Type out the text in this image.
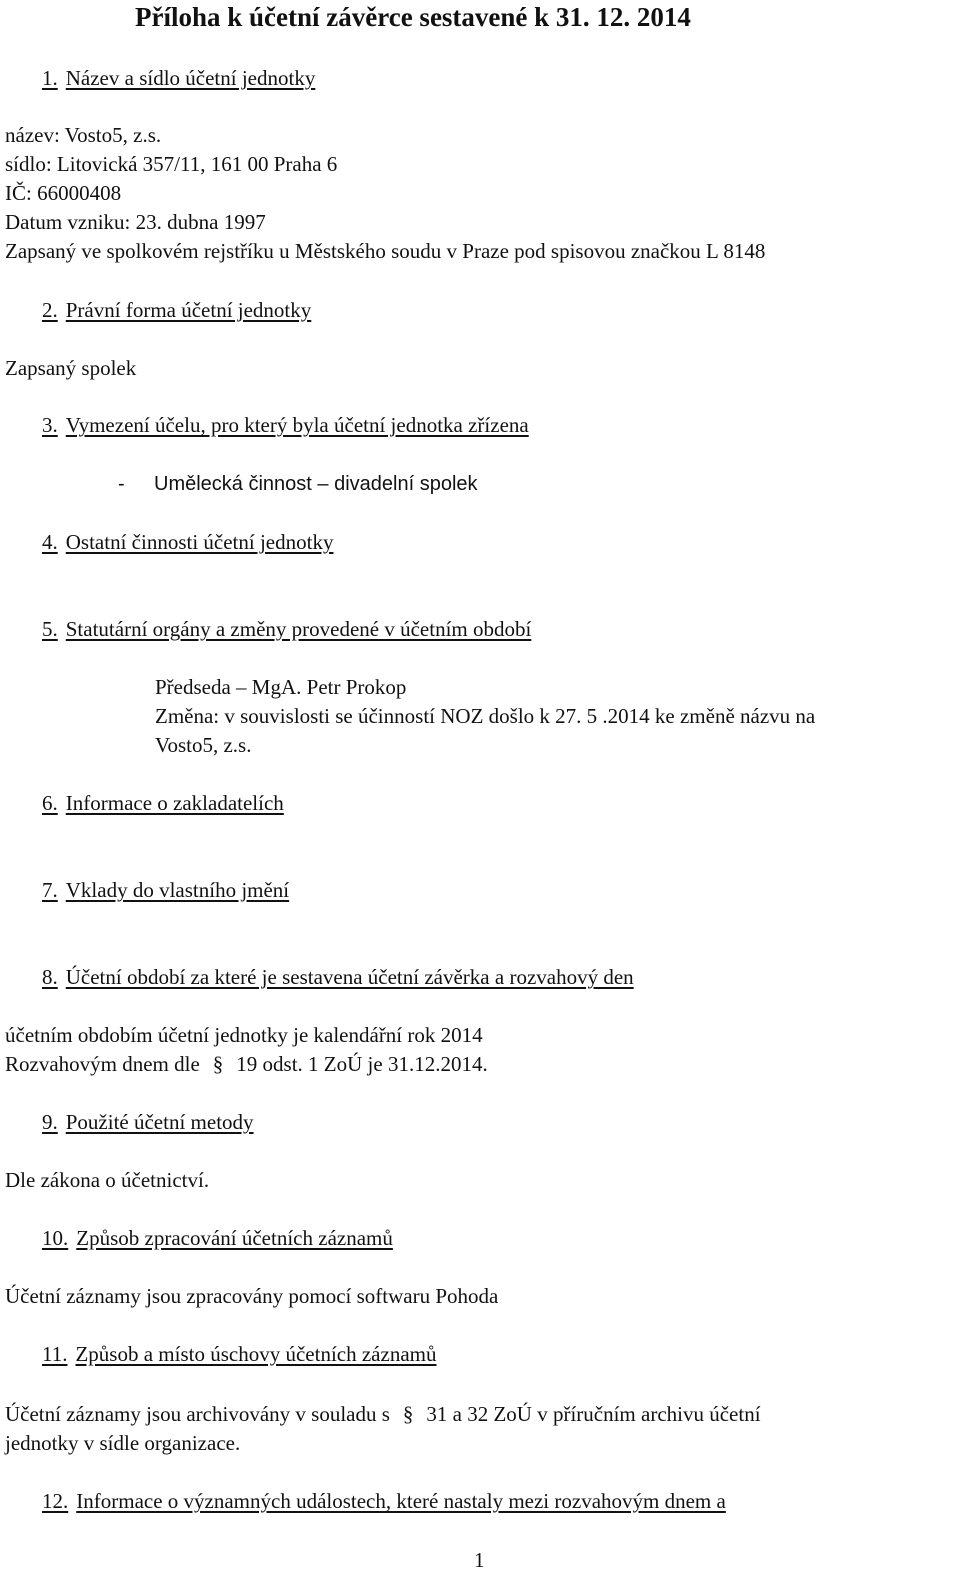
Příloha k účetní závěrce sestavené k 31. 12. 2014
1. Název a sídlo účetní jednotky
název: Vosto5, z.s.
sídlo: Litovická 357/11, 161 00 Praha 6
IČ: 66000408
Datum vzniku: 23. dubna 1997
Zapsaný ve spolkovém rejstříku u Městského soudu v Praze pod spisovou značkou L 8148
2. Právní forma účetní jednotky
Zapsaný spolek
3. Vymezení účelu, pro který byla účetní jednotka zřízena
- Umělecká činnost – divadelní spolek
4. Ostatní činnosti účetní jednotky
5. Statutární orgány a změny provedené v účetním období
Předseda – MgA. Petr Prokop
Změna: v souvislosti se účinností NOZ došlo k 27. 5 .2014 ke změně názvu na
Vosto5, z.s.
6. Informace o zakladatelích
7. Vklady do vlastního jmění
8. Účetní období za které je sestavena účetní závěrka a rozvahový den
účetním obdobím účetní jednotky je kalendářní rok 2014
Rozvahovým dnem dle § 19 odst. 1 ZoÚ je 31.12.2014.
9. Použité účetní metody
Dle zákona o účetnictví.
10. Způsob zpracování účetních záznamů
Účetní záznamy jsou zpracovány pomocí softwaru Pohoda
11. Způsob a místo úschovy účetních záznamů
Účetní záznamy jsou archivovány v souladu s § 31 a 32 ZoÚ v příručním archivu účetní
jednotky v sídle organizace.
12. Informace o významných událostech, které nastaly mezi rozvahovým dnem a
1
